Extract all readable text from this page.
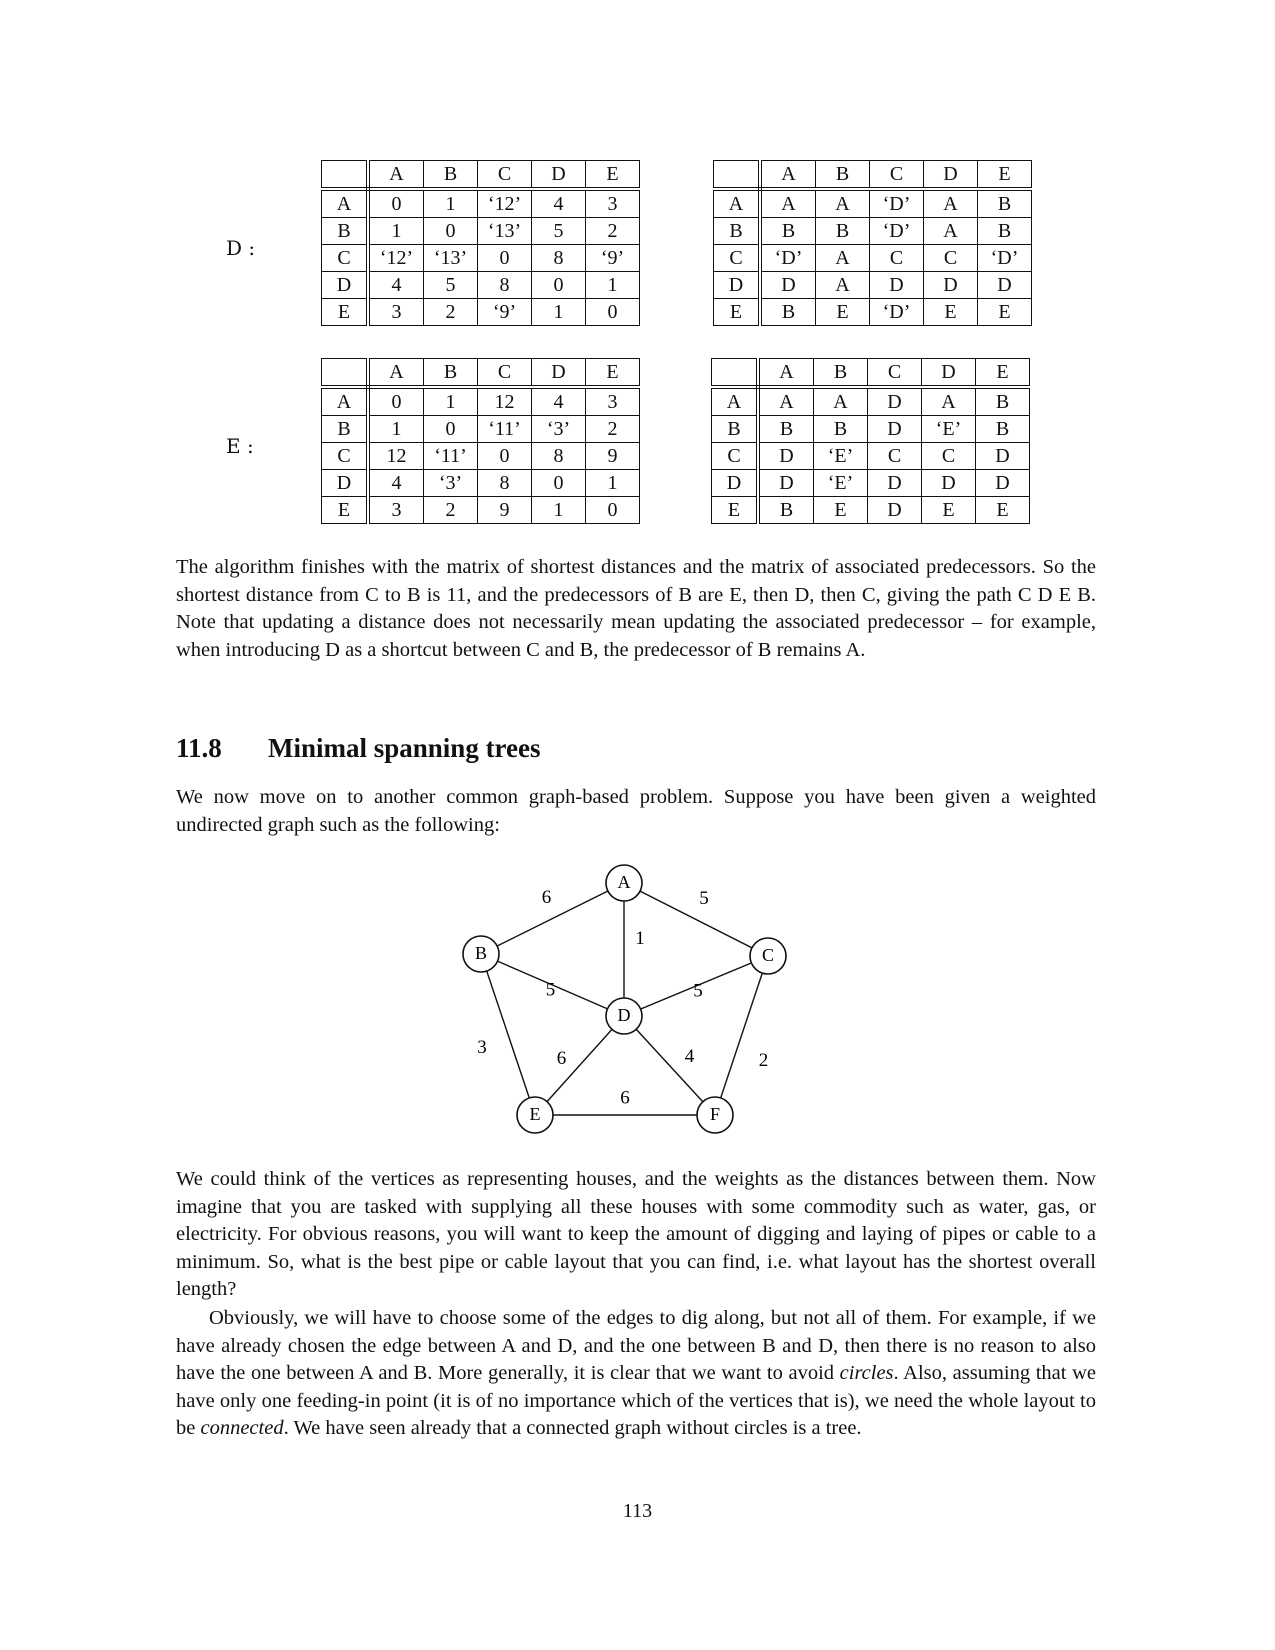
D :
	A	B	C	D	E
A	0	1	‘12’	4	3
B	1	0	‘13’	5	2
C	‘12’	‘13’	0	8	‘9’
D	4	5	8	0	1
E	3	2	‘9’	1	0
	A	B	C	D	E
A	A	A	‘D’	A	B
B	B	B	‘D’	A	B
C	‘D’	A	C	C	‘D’
D	D	A	D	D	D
E	B	E	‘D’	E	E
E :
	A	B	C	D	E
A	0	1	12	4	3
B	1	0	‘11’	‘3’	2
C	12	‘11’	0	8	9
D	4	‘3’	8	0	1
E	3	2	9	1	0
	A	B	C	D	E
A	A	A	D	A	B
B	B	B	D	‘E’	B
C	D	‘E’	C	C	D
D	D	‘E’	D	D	D
E	B	E	D	E	E
The algorithm finishes with the matrix of shortest distances and the matrix of associated predecessors. So the shortest distance from C to B is 11, and the predecessors of B are E, then D, then C, giving the path C D E B. Note that updating a distance does not necessarily mean updating the associated predecessor – for example, when introducing D as a shortcut between C and B, the predecessor of B remains A.
11.8 Minimal spanning trees
We now move on to another common graph-based problem. Suppose you have been given a weighted undirected graph such as the following:
6	5
1
5	5
3
2
6	4
6
A
B	C
D
E	F
We could think of the vertices as representing houses, and the weights as the distances between them. Now imagine that you are tasked with supplying all these houses with some commodity such as water, gas, or electricity. For obvious reasons, you will want to keep the amount of digging and laying of pipes or cable to a minimum. So, what is the best pipe or cable layout that you can find, i.e. what layout has the shortest overall length?
Obviously, we will have to choose some of the edges to dig along, but not all of them. For example, if we have already chosen the edge between A and D, and the one between B and D, then there is no reason to also have the one between A and B. More generally, it is clear that we want to avoid circles. Also, assuming that we have only one feeding-in point (it is of no importance which of the vertices that is), we need the whole layout to be connected. We have seen already that a connected graph without circles is a tree.
113
